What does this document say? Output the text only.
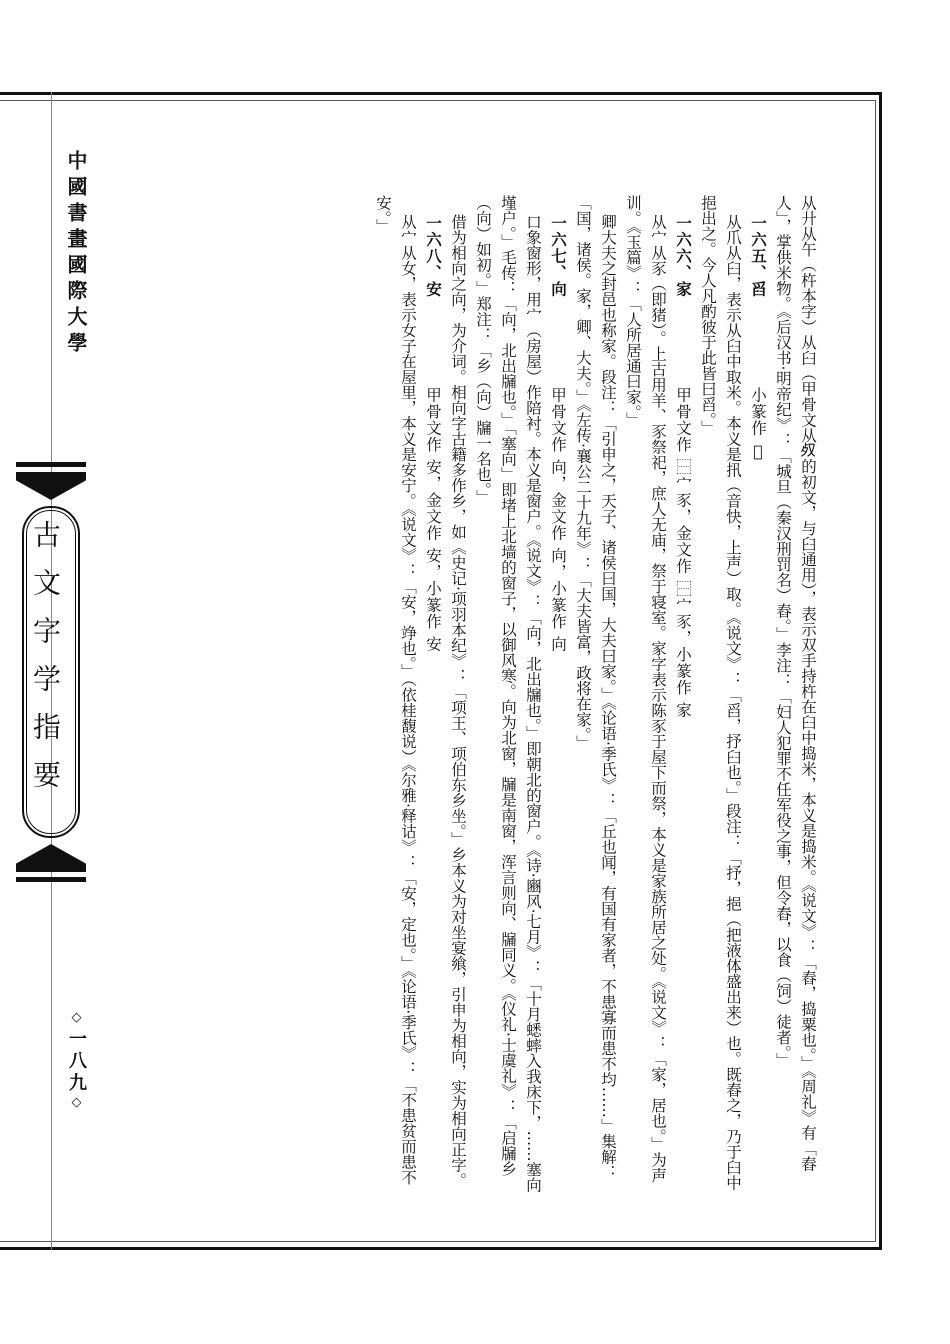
中國書畫國際大學
古文字学指要
◇一八九◇	从廾从午（杵本字）从臼（甲骨文从𣦼的初文，与臼通用），表示双手持杵在臼中捣米，本义是捣米。《说文》：「舂，捣粟也。」《周礼》有「舂人」，掌供米物。《后汉书·明帝纪》：「城旦（秦汉刑罚名）舂。」李注：「妇人犯罪不任军役之事，但令舂，以食（饲）徒者。」

一六五、舀　　　小篆作 𦥷

从爪从臼，表示从臼中取米。本义是扟（音快，上声）取。《说文》：「舀，抒臼也。」段注：「抒，挹（把液体盛出来）也。既舂之，乃于臼中挹出之。今人凡酌彼于此皆曰舀。」

一六六、家　　　甲骨文作 ⿱宀豕，金文作 ⿱宀豕，小篆作 家

从宀从豕（即猪）。上古用羊、豕祭祀，庶人无庙，祭于寝室。家字表示陈豕于屋下而祭，本义是家族所居之处。《说文》：「家，居也。」为声训。《玉篇》：「人所居通曰家。」

卿大夫之封邑也称家。段注：「引申之，天子、诸侯曰国，大夫曰家。」《论语·季氏》：「丘也闻，有国有家者，不患寡而患不均……」集解：「国，诸侯。家，卿、大夫。」《左传·襄公二十九年》：「大夫皆富，政将在家。」

一六七、向　　　甲骨文作 向，金文作 向，小篆作 向

口象窗形，用宀（房屋）作陪衬。本义是窗户。《说文》：「向，北出牖也。」即朝北的窗户。《诗·豳风·七月》：「十月蟋蟀入我床下，……塞向墐户。」毛传：「向，北出牖也。」「塞向」即堵上北墙的窗子，以御风寒。向为北窗，牖是南窗，浑言则向、牖同义。《仪礼·士虞礼》：「启牖乡（向）如初。」郑注：「乡（向）牖一名也。」

借为相向之向，为介词。相向字古籍多作乡，如《史记·项羽本纪》：「项王、项伯东乡坐。」乡本义为对坐宴飨，引申为相向，实为相向正字。

一六八、安　　　甲骨文作 安，金文作 安，小篆作 安

从宀从女，表示女子在屋里，本义是安宁。《说文》：「安，竫也。」（依桂馥说）《尔雅·释诂》：「安，定也。」《论语·季氏》：「不患贫而患不安。」
